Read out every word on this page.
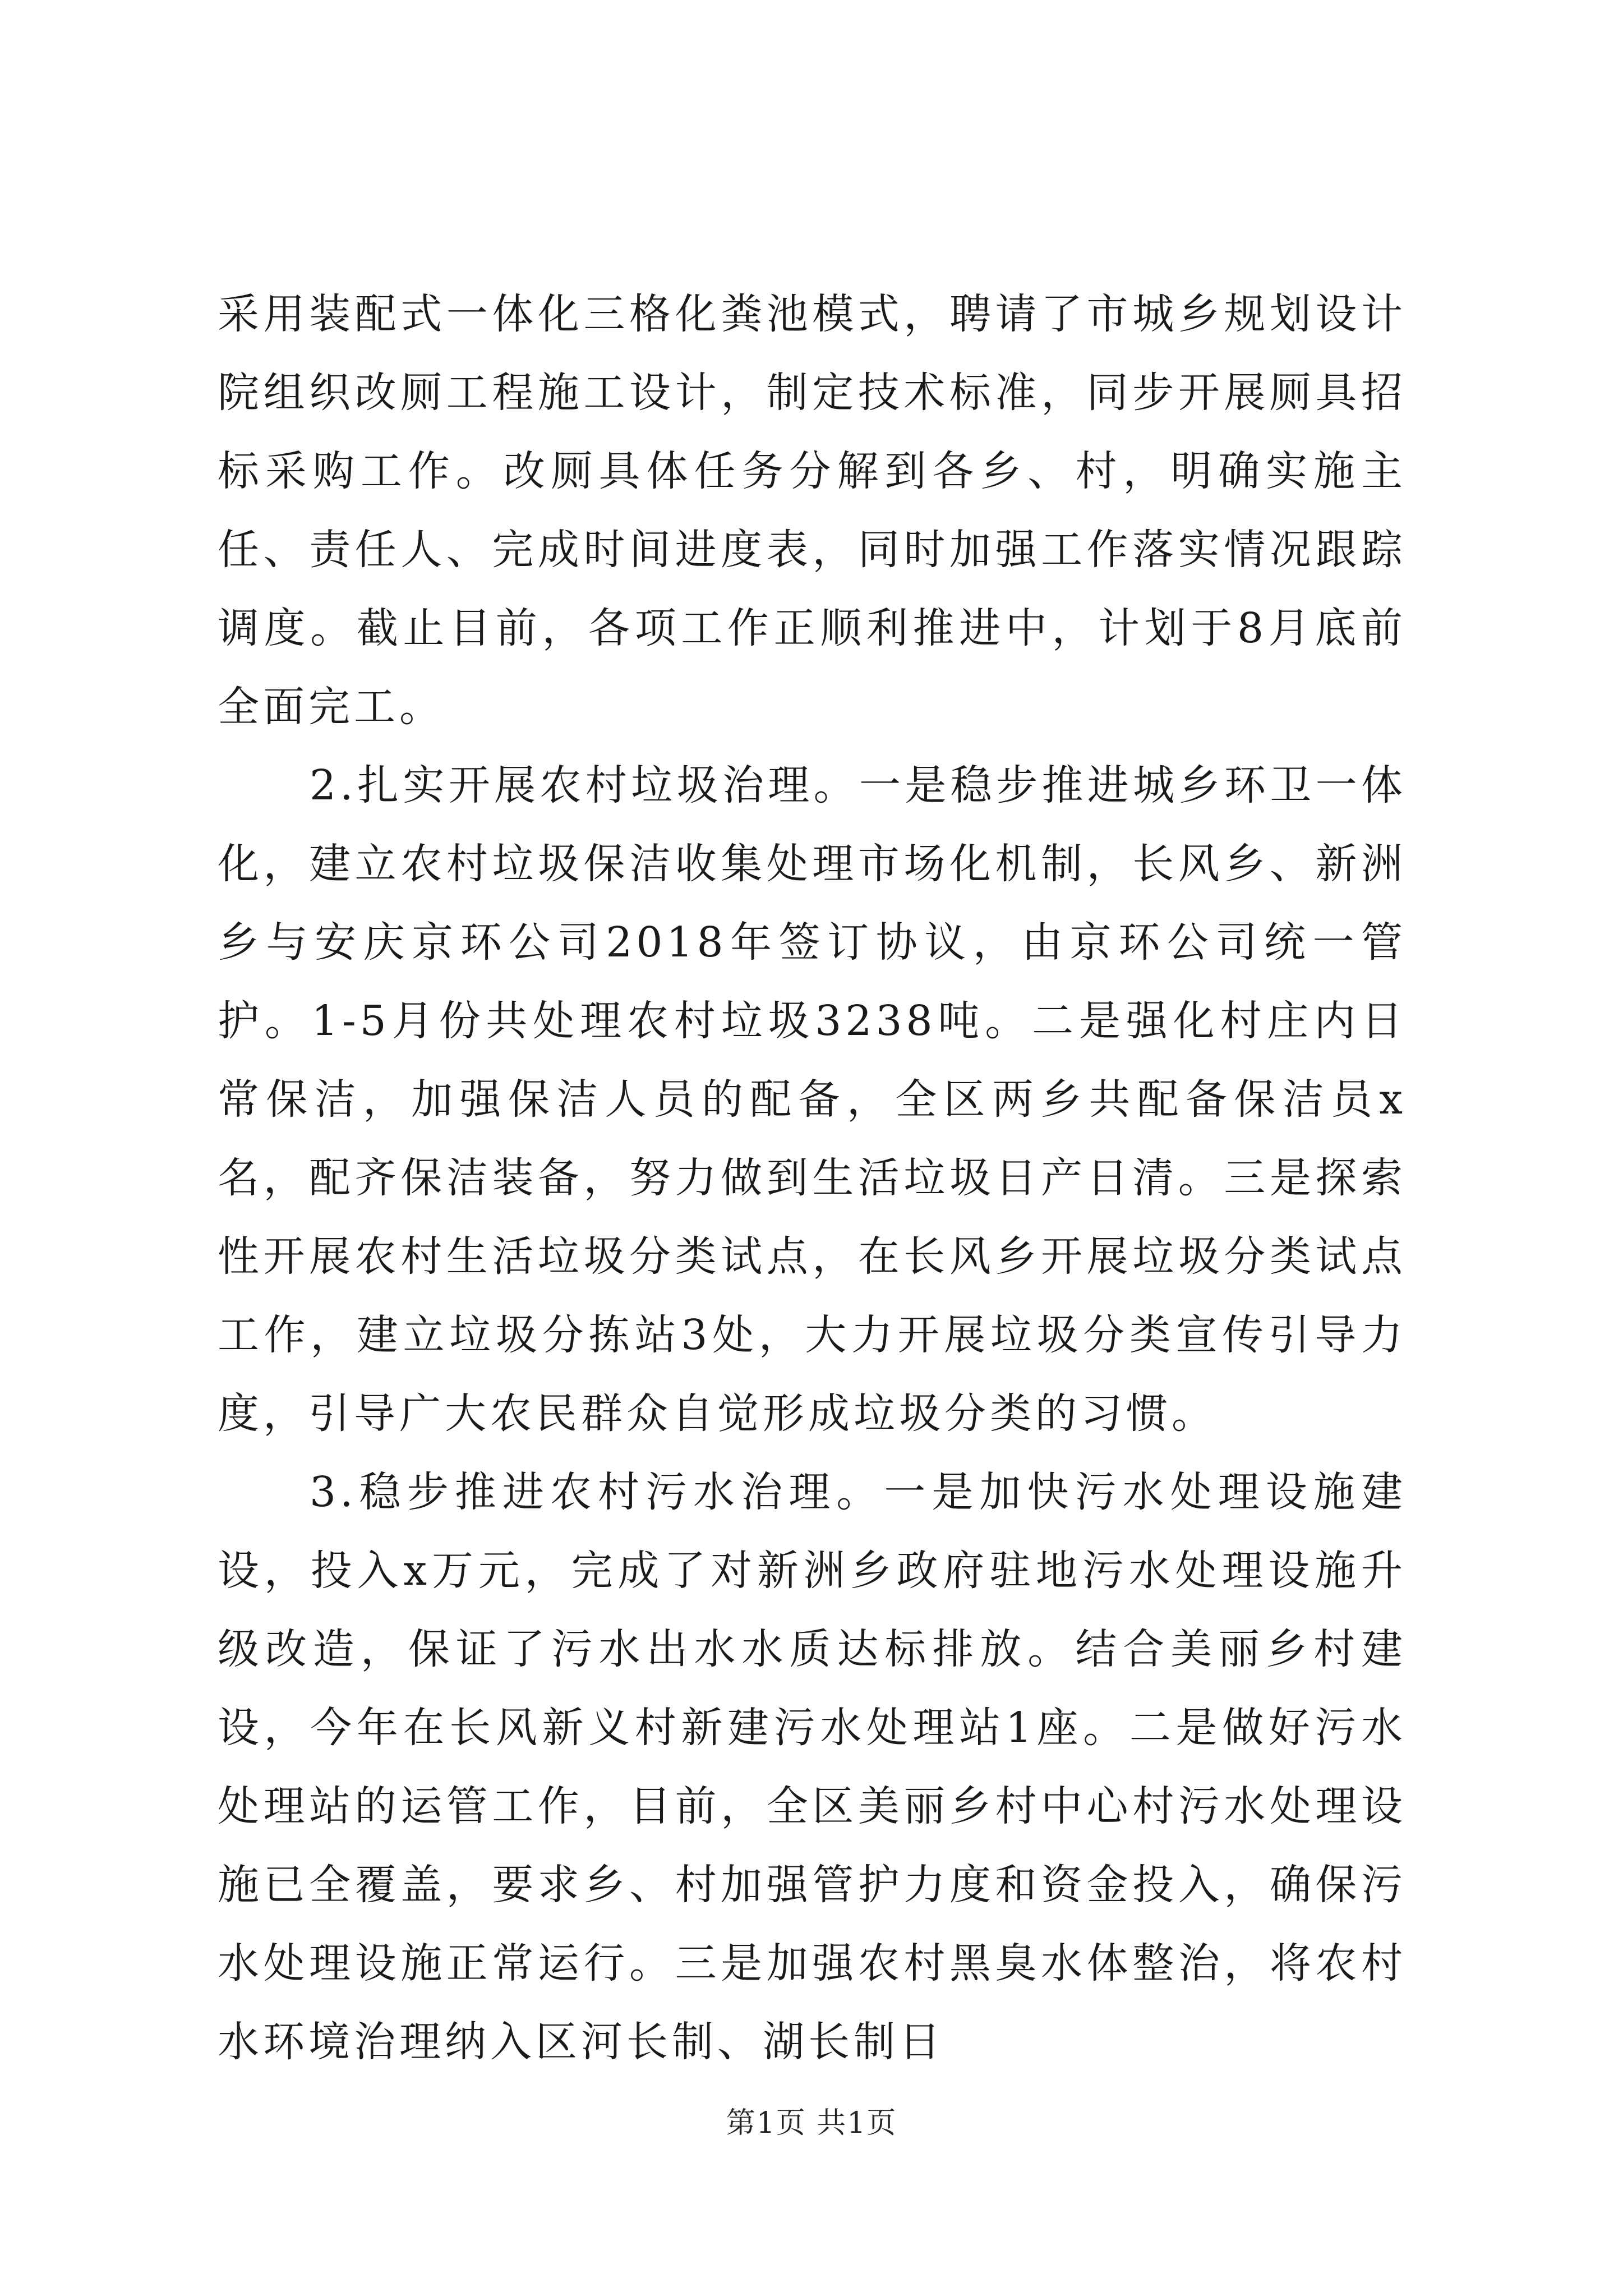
采用装配式一体化三格化粪池模式，聘请了市城乡规划设计院组织改厕工程施工设计，制定技术标准，同步开展厕具招标采购工作。改厕具体任务分解到各乡、村，明确实施主任、责任人、完成时间进度表，同时加强工作落实情况跟踪调度。截止目前，各项工作正顺利推进中，计划于8月底前全面完工。

2.扎实开展农村垃圾治理。一是稳步推进城乡环卫一体化，建立农村垃圾保洁收集处理市场化机制，长风乡、新洲乡与安庆京环公司2018年签订协议，由京环公司统一管护。1-5月份共处理农村垃圾3238吨。二是强化村庄内日常保洁，加强保洁人员的配备，全区两乡共配备保洁员x名，配齐保洁装备，努力做到生活垃圾日产日清。三是探索性开展农村生活垃圾分类试点，在长风乡开展垃圾分类试点工作，建立垃圾分拣站3处，大力开展垃圾分类宣传引导力度，引导广大农民群众自觉形成垃圾分类的习惯。

3.稳步推进农村污水治理。一是加快污水处理设施建设，投入x万元，完成了对新洲乡政府驻地污水处理设施升级改造，保证了污水出水水质达标排放。结合美丽乡村建设，今年在长风新义村新建污水处理站1座。二是做好污水处理站的运管工作，目前，全区美丽乡村中心村污水处理设施已全覆盖，要求乡、村加强管护力度和资金投入，确保污水处理设施正常运行。三是加强农村黑臭水体整治，将农村水环境治理纳入区河长制、湖长制日

第1页 共1页
